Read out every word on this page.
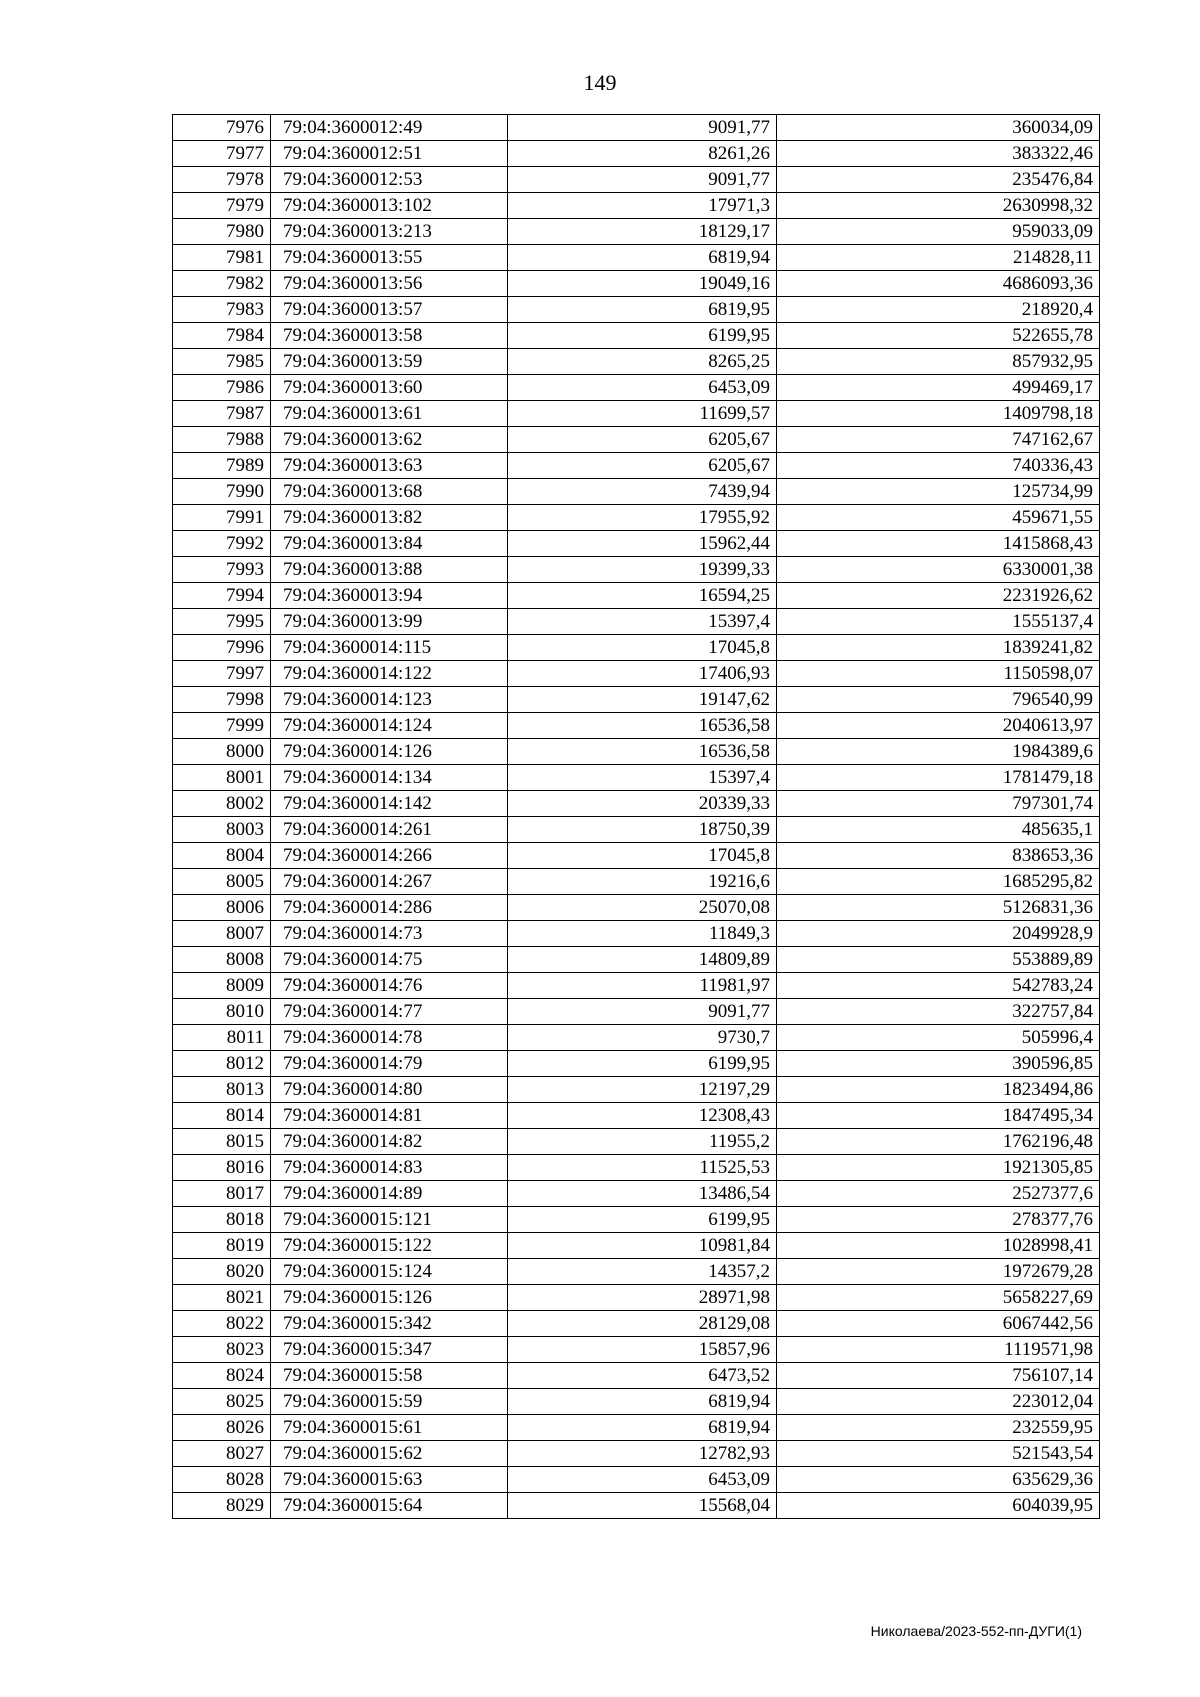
149
7976	79:04:3600012:49	9091,77	360034,09
7977	79:04:3600012:51	8261,26	383322,46
7978	79:04:3600012:53	9091,77	235476,84
7979	79:04:3600013:102	17971,3	2630998,32
7980	79:04:3600013:213	18129,17	959033,09
7981	79:04:3600013:55	6819,94	214828,11
7982	79:04:3600013:56	19049,16	4686093,36
7983	79:04:3600013:57	6819,95	218920,4
7984	79:04:3600013:58	6199,95	522655,78
7985	79:04:3600013:59	8265,25	857932,95
7986	79:04:3600013:60	6453,09	499469,17
7987	79:04:3600013:61	11699,57	1409798,18
7988	79:04:3600013:62	6205,67	747162,67
7989	79:04:3600013:63	6205,67	740336,43
7990	79:04:3600013:68	7439,94	125734,99
7991	79:04:3600013:82	17955,92	459671,55
7992	79:04:3600013:84	15962,44	1415868,43
7993	79:04:3600013:88	19399,33	6330001,38
7994	79:04:3600013:94	16594,25	2231926,62
7995	79:04:3600013:99	15397,4	1555137,4
7996	79:04:3600014:115	17045,8	1839241,82
7997	79:04:3600014:122	17406,93	1150598,07
7998	79:04:3600014:123	19147,62	796540,99
7999	79:04:3600014:124	16536,58	2040613,97
8000	79:04:3600014:126	16536,58	1984389,6
8001	79:04:3600014:134	15397,4	1781479,18
8002	79:04:3600014:142	20339,33	797301,74
8003	79:04:3600014:261	18750,39	485635,1
8004	79:04:3600014:266	17045,8	838653,36
8005	79:04:3600014:267	19216,6	1685295,82
8006	79:04:3600014:286	25070,08	5126831,36
8007	79:04:3600014:73	11849,3	2049928,9
8008	79:04:3600014:75	14809,89	553889,89
8009	79:04:3600014:76	11981,97	542783,24
8010	79:04:3600014:77	9091,77	322757,84
8011	79:04:3600014:78	9730,7	505996,4
8012	79:04:3600014:79	6199,95	390596,85
8013	79:04:3600014:80	12197,29	1823494,86
8014	79:04:3600014:81	12308,43	1847495,34
8015	79:04:3600014:82	11955,2	1762196,48
8016	79:04:3600014:83	11525,53	1921305,85
8017	79:04:3600014:89	13486,54	2527377,6
8018	79:04:3600015:121	6199,95	278377,76
8019	79:04:3600015:122	10981,84	1028998,41
8020	79:04:3600015:124	14357,2	1972679,28
8021	79:04:3600015:126	28971,98	5658227,69
8022	79:04:3600015:342	28129,08	6067442,56
8023	79:04:3600015:347	15857,96	1119571,98
8024	79:04:3600015:58	6473,52	756107,14
8025	79:04:3600015:59	6819,94	223012,04
8026	79:04:3600015:61	6819,94	232559,95
8027	79:04:3600015:62	12782,93	521543,54
8028	79:04:3600015:63	6453,09	635629,36
8029	79:04:3600015:64	15568,04	604039,95
Николаева/2023-552-пп-ДУГИ(1)
